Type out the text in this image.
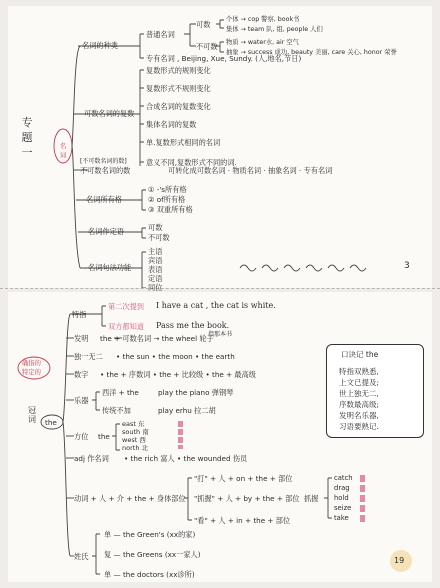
专
题
一	名词
名词的种类
普通名词
可数
个体 → cop 警察, book书
集体 → team 队, 组, people 人们
不可数 物质 → water水, air 空气
抽象 → success 成功, beauty 美丽, care 关心, honor 荣誉
专有名词 , Beijing, Xue, Sundy. (人,地名,节日)
可数名词的复数
复数形式的规则变化
复数形式不规则变化
合成名词的复数变化
集体名词的复数
单.复数形式相同的名词
意义不同,复数形式不同的词.
[不可数名词的数]
不可数名词的数	可转化成可数名词 · 物质名词 · 抽象名词 · 专有名词
名词所有格
① -'s所有格
② of所有格
③ 双重所有格
名词作定语	可数
不可数
名词句法功能
主语
宾语
表语
定语
同位
3
确指的
特定的
冠
词 the
特指
第二次提到 I have a cat , the cat is white.
双方都知道 Pass me the book.
指那本书
发明 the + 可数名词 → the wheel 轮子
独一无二 • the sun • the moon • the earth
数字 • the + 序数词 • the + 比较级 • the + 最高级
乐器
西洋 + the	play the piano 弹钢琴
传统不加	play erhu 拉二胡
方位 the
east 东
south 南
west 西
north 北
adj 作名词 • the rich 富人 • the wounded 伤员
动词 + 人 + 介 + the + 身体部位
"打" + 人 + on + the + 部位
"抓握" + 人 + by + the + 部位
"看" + 人 + in + the + 部位
抓握
catch
drag
hold
seize
take
姓氏
单 — the Green's (xx的家)
复 — the Greens (xx一家人)
单 — the doctors (xx诊所)
口诀记 the
特指双熟悉,
上文已提及;
世上独无二,
序数最高级;
发明名乐器,
习语要熟记.
19
